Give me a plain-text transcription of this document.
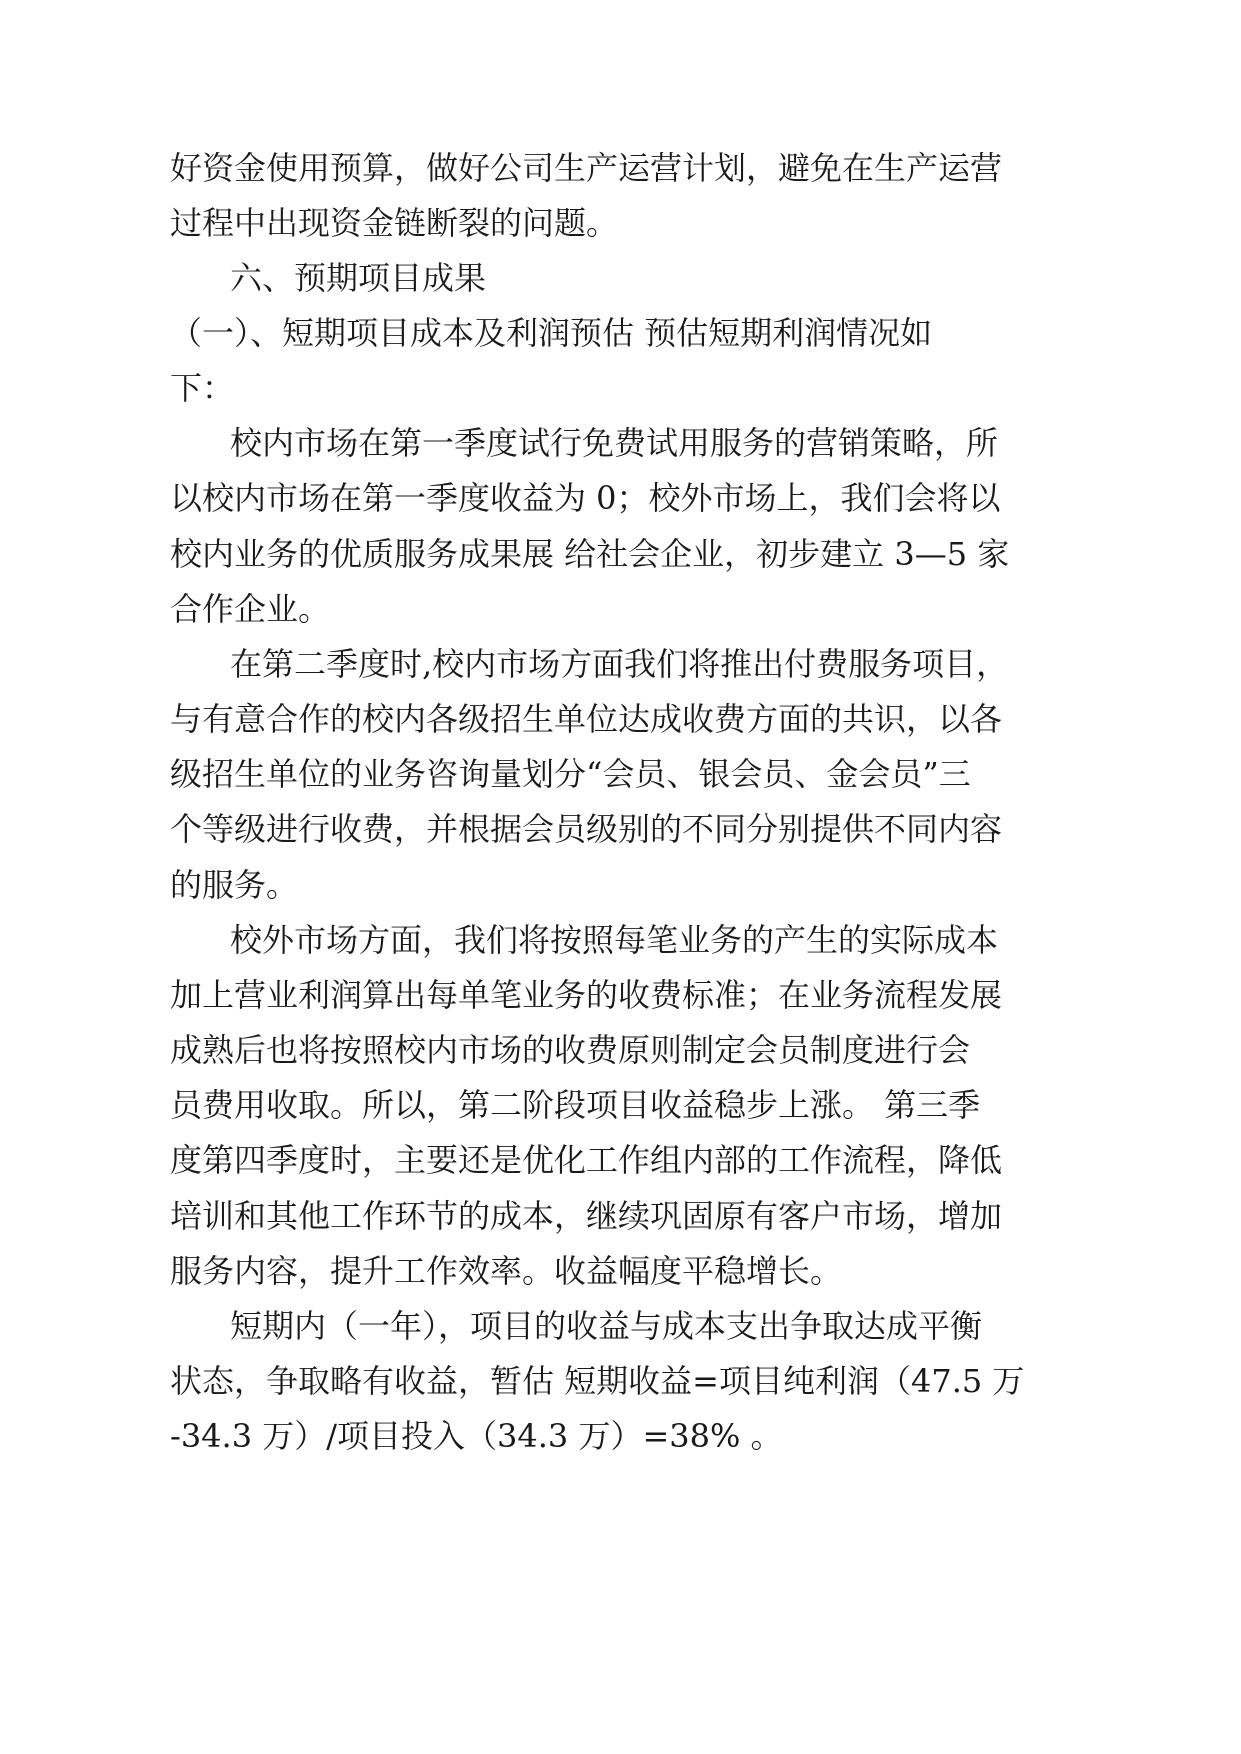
好资金使用预算，做好公司生产运营计划，避免在生产运营
过程中出现资金链断裂的问题。
六、预期项目成果
（一）、短期项目成本及利润预估 预估短期利润情况如
下：
校内市场在第一季度试行免费试用服务的营销策略，所
以校内市场在第一季度收益为 0；校外市场上，我们会将以
校内业务的优质服务成果展 给社会企业，初步建立 3—5 家
合作企业。
在第二季度时,校内市场方面我们将推出付费服务项目，
与有意合作的校内各级招生单位达成收费方面的共识，以各
级招生单位的业务咨询量划分“会员、银会员、金会员”三
个等级进行收费，并根据会员级别的不同分别提供不同内容
的服务。
校外市场方面，我们将按照每笔业务的产生的实际成本
加上营业利润算出每单笔业务的收费标准；在业务流程发展
成熟后也将按照校内市场的收费原则制定会员制度进行会
员费用收取。所以，第二阶段项目收益稳步上涨。 第三季
度第四季度时，主要还是优化工作组内部的工作流程，降低
培训和其他工作环节的成本，继续巩固原有客户市场，增加
服务内容，提升工作效率。收益幅度平稳增长。
短期内（一年），项目的收益与成本支出争取达成平衡
状态，争取略有收益，暂估 短期收益=项目纯利润（47.5 万
-34.3 万）/项目投入（34.3 万）=38% 。
